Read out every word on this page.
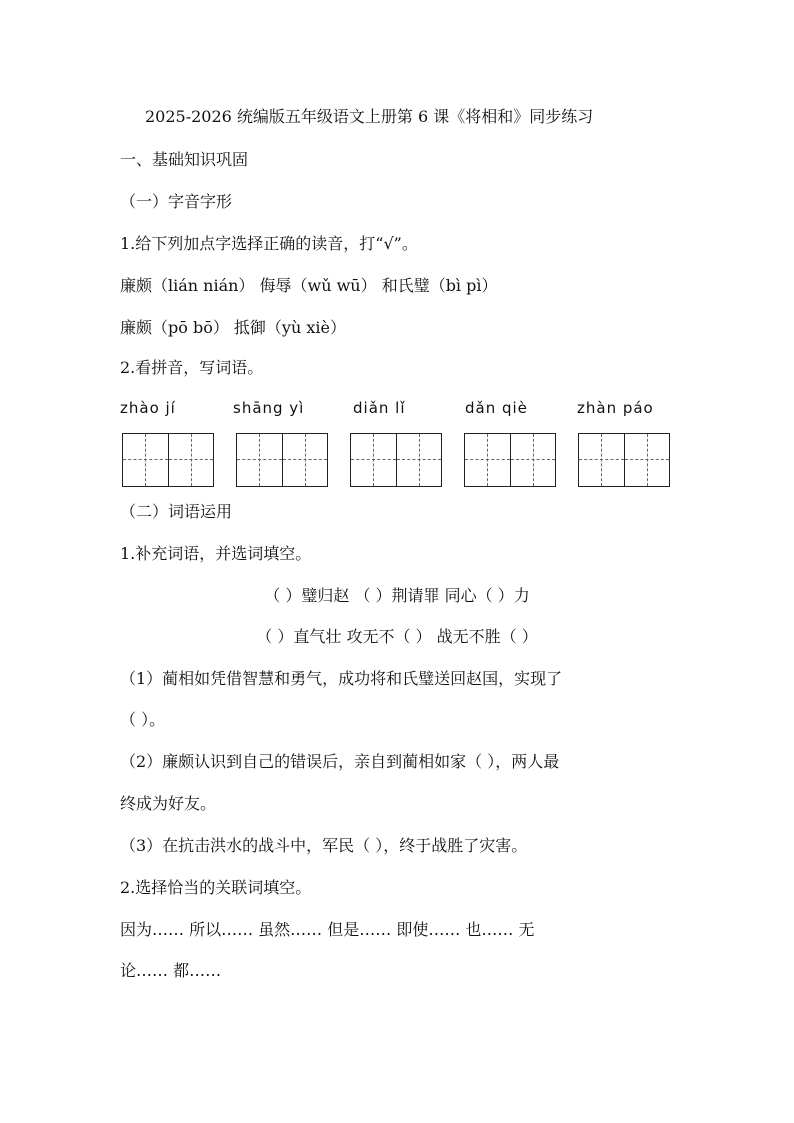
2025-2026 统编版五年级语文上册第 6 课《将相和》同步练习
一、基础知识巩固
（一）字音字形
1.给下列加点字选择正确的读音，打“√”。
廉颇（lián nián） 侮辱（wǔ wū） 和氏璧（bì pì）
廉颇（pō bō） 抵御（yù xiè）
2.看拼音，写词语。
zhào jí	shāng yì	diǎn lǐ	dǎn qiè	zhàn páo
（二）词语运用
1.补充词语，并选词填空。
（ ）璧归赵 （ ）荆请罪 同心（ ）力
（ ）直气壮 攻无不（ ） 战无不胜（ ）
（1）蔺相如凭借智慧和勇气，成功将和氏璧送回赵国，实现了
（ ）。
（2）廉颇认识到自己的错误后，亲自到蔺相如家（ ），两人最
终成为好友。
（3）在抗击洪水的战斗中，军民（ ），终于战胜了灾害。
2.选择恰当的关联词填空。
因为…… 所以…… 虽然…… 但是…… 即使…… 也…… 无
论…… 都……
